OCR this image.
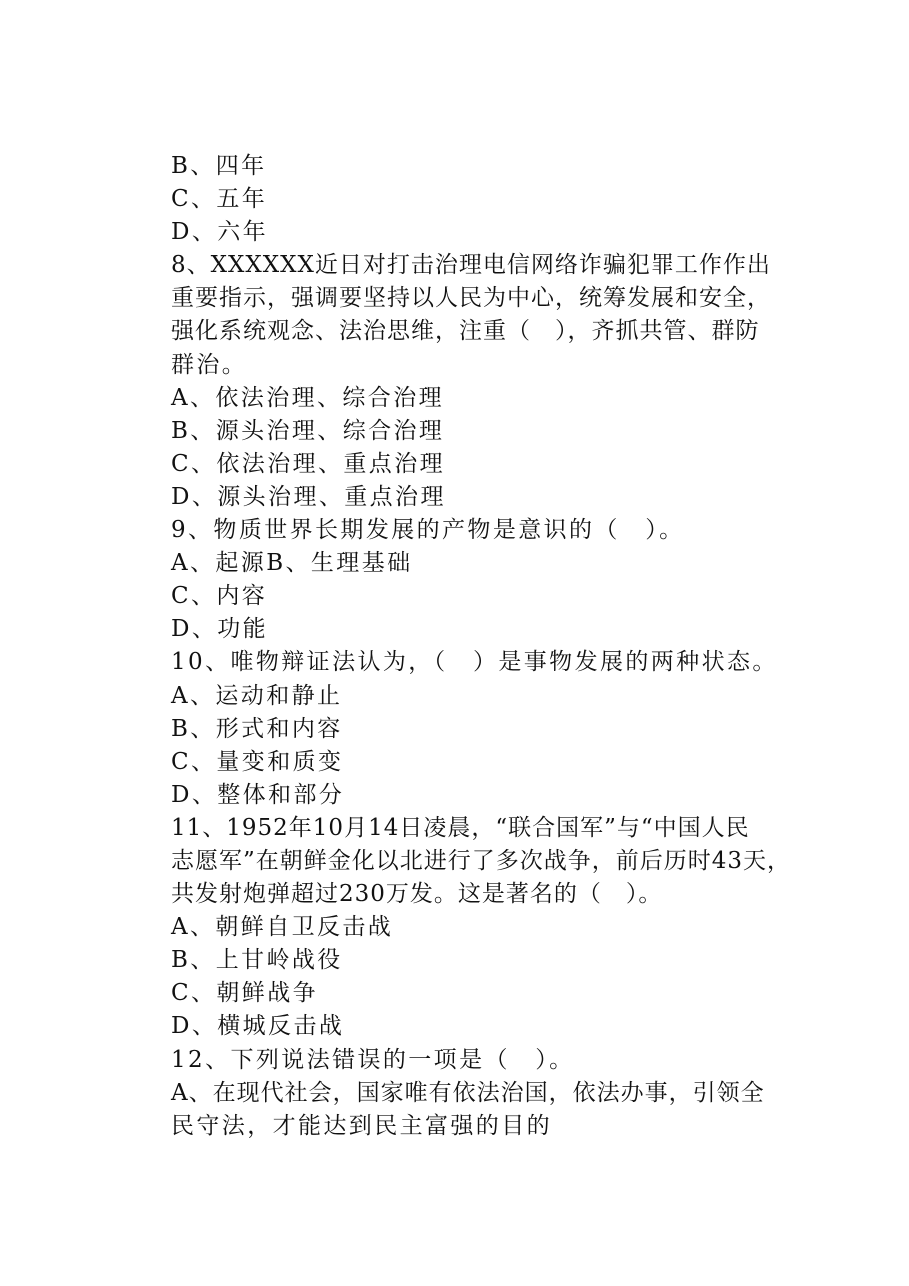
B、四年
C、五年
D、六年
8、XXXXXX近日对打击治理电信网络诈骗犯罪工作作出
重要指示，强调要坚持以人民为中心，统筹发展和安全，
强化系统观念、法治思维，注重（　），齐抓共管、群防
群治。
A、依法治理、综合治理
B、源头治理、综合治理
C、依法治理、重点治理
D、源头治理、重点治理
9、物质世界长期发展的产物是意识的（　）。
A、起源B、生理基础
C、内容
D、功能
10、唯物辩证法认为，（　）是事物发展的两种状态。
A、运动和静止
B、形式和内容
C、量变和质变
D、整体和部分
11、1952年10月14日凌晨，“联合国军”与“中国人民
志愿军”在朝鲜金化以北进行了多次战争，前后历时43天，
共发射炮弹超过230万发。这是著名的（　）。
A、朝鲜自卫反击战
B、上甘岭战役
C、朝鲜战争
D、横城反击战
12、下列说法错误的一项是（　）。
A、在现代社会，国家唯有依法治国，依法办事，引领全
民守法，才能达到民主富强的目的
